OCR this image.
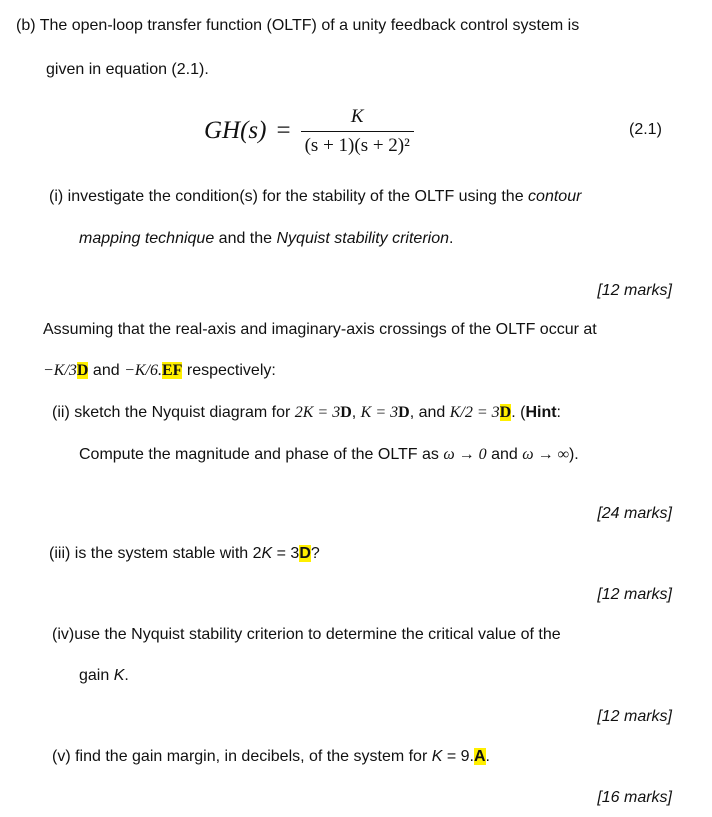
(b) The open-loop transfer function (OLTF) of a unity feedback control system is
given in equation (2.1).
$GH(s) = \frac{K}{\text{(s + 1)(s + 2)²}}$	(2.1)
(i) investigate the condition(s) for the stability of the OLTF using the contour
mapping technique and the Nyquist stability criterion.
[12 marks]
Assuming that the real-axis and imaginary-axis crossings of the OLTF occur at
−K/3D and −K/6.EF respectively:
(ii) sketch the Nyquist diagram for 2K = 3D, K = 3D, and K/2 = 3D. (Hint:
Compute the magnitude and phase of the OLTF as ω → 0 and ω → ∞).
[24 marks]
(iii) is the system stable with 2K = 3D?
[12 marks]
(iv)use the Nyquist stability criterion to determine the critical value of the
gain K.
[12 marks]
(v) find the gain margin, in decibels, of the system for K = 9.A.
[16 marks]
